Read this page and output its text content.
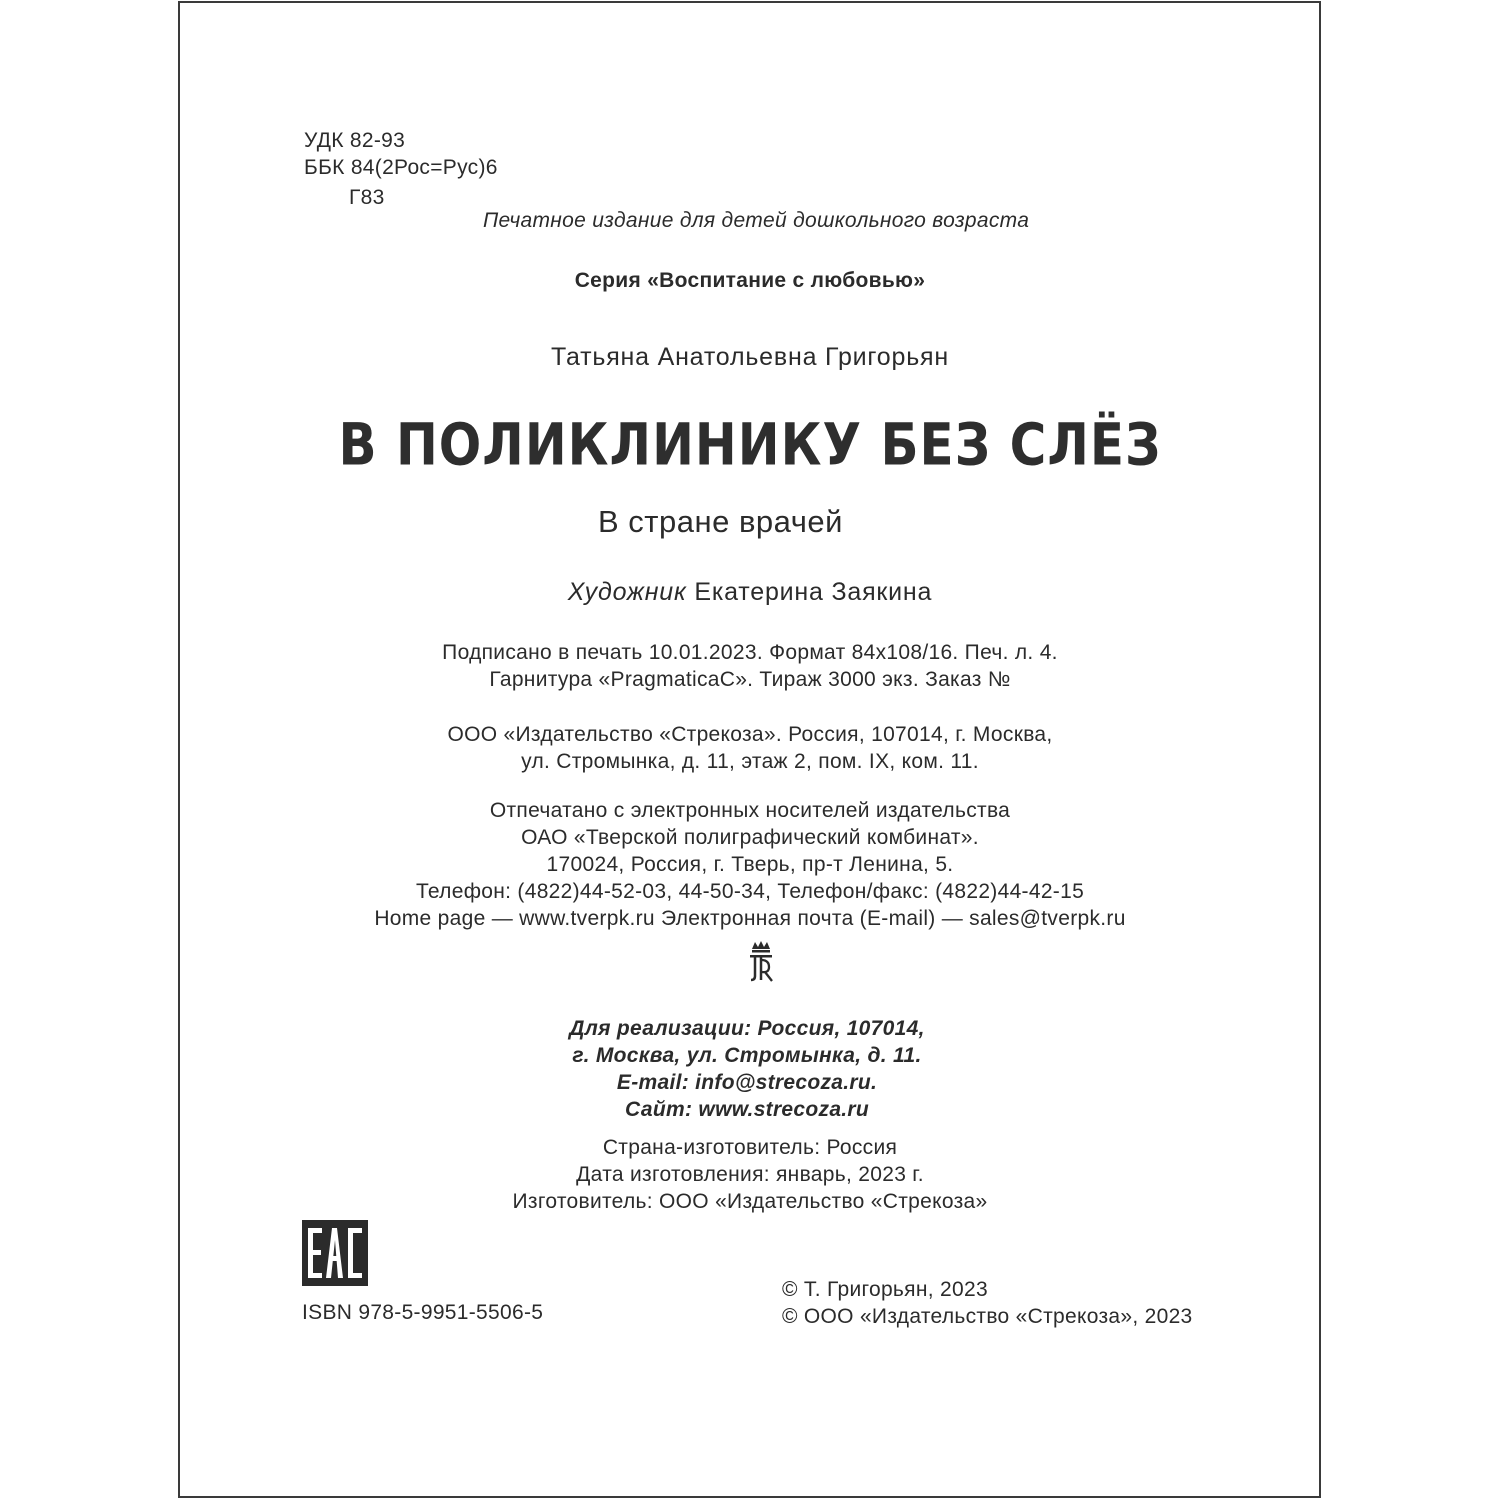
УДК 82-93
ББК 84(2Рос=Рус)6
Г83
Печатное издание для детей дошкольного возраста
Серия «Воспитание с любовью»
Татьяна Анатольевна Григорьян
В ПОЛИКЛИНИКУ БЕЗ СЛЁЗ
В стране врачей
Художник Екатерина Заякина
Подписано в печать 10.01.2023. Формат 84х108/16. Печ. л. 4.
Гарнитура «PragmaticaC». Тираж 3000 экз. Заказ №
ООО «Издательство «Стрекоза». Россия, 107014, г. Москва,
ул. Стромынка, д. 11, этаж 2, пом. IX, ком. 11.
Отпечатано с электронных носителей издательства
ОАО «Тверской полиграфический комбинат».
170024, Россия, г. Тверь, пр-т Ленина, 5.
Телефон: (4822)44-52-03, 44-50-34, Телефон/факс: (4822)44-42-15
Home page — www.tverpk.ru Электронная почта (E-mail) — sales@tverpk.ru
Для реализации: Россия, 107014,
г. Москва, ул. Стромынка, д. 11.
E-mail: info@strecoza.ru.
Сайт: www.strecoza.ru
Страна-изготовитель: Россия
Дата изготовления: январь, 2023 г.
Изготовитель: ООО «Издательство «Стрекоза»
ISBN 978-5-9951-5506-5
© Т. Григорьян, 2023
© ООО «Издательство «Стрекоза», 2023
